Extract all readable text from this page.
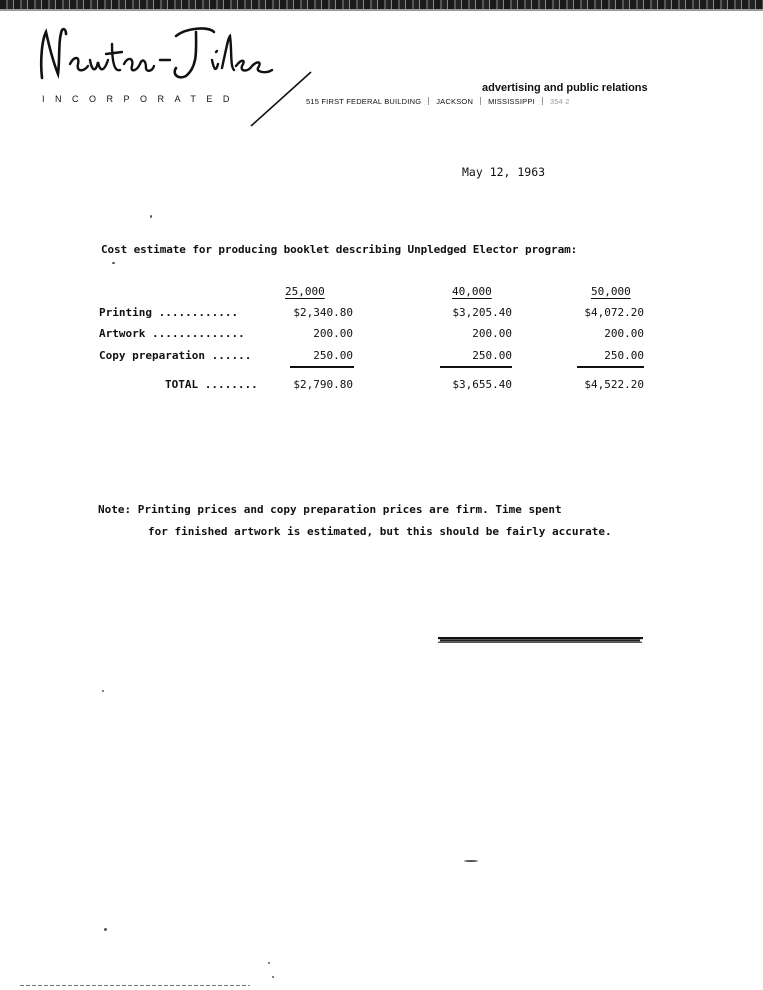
INCORPORATED
advertising and public relations
515 FIRST FEDERAL BUILDING JACKSON MISSISSIPPI 354 2
May 12, 1963
Cost estimate for producing booklet describing Unpledged Elector program:
25,000	40,000	50,000
Printing ............	$2,340.80	$3,205.40	$4,072.20
Artwork ..............	200.00	200.00	200.00
Copy preparation ......	250.00	250.00	250.00
TOTAL ........	$2,790.80	$3,655.40	$4,522.20
Note: Printing prices and copy preparation prices are firm. Time spent
for finished artwork is estimated, but this should be fairly accurate.
